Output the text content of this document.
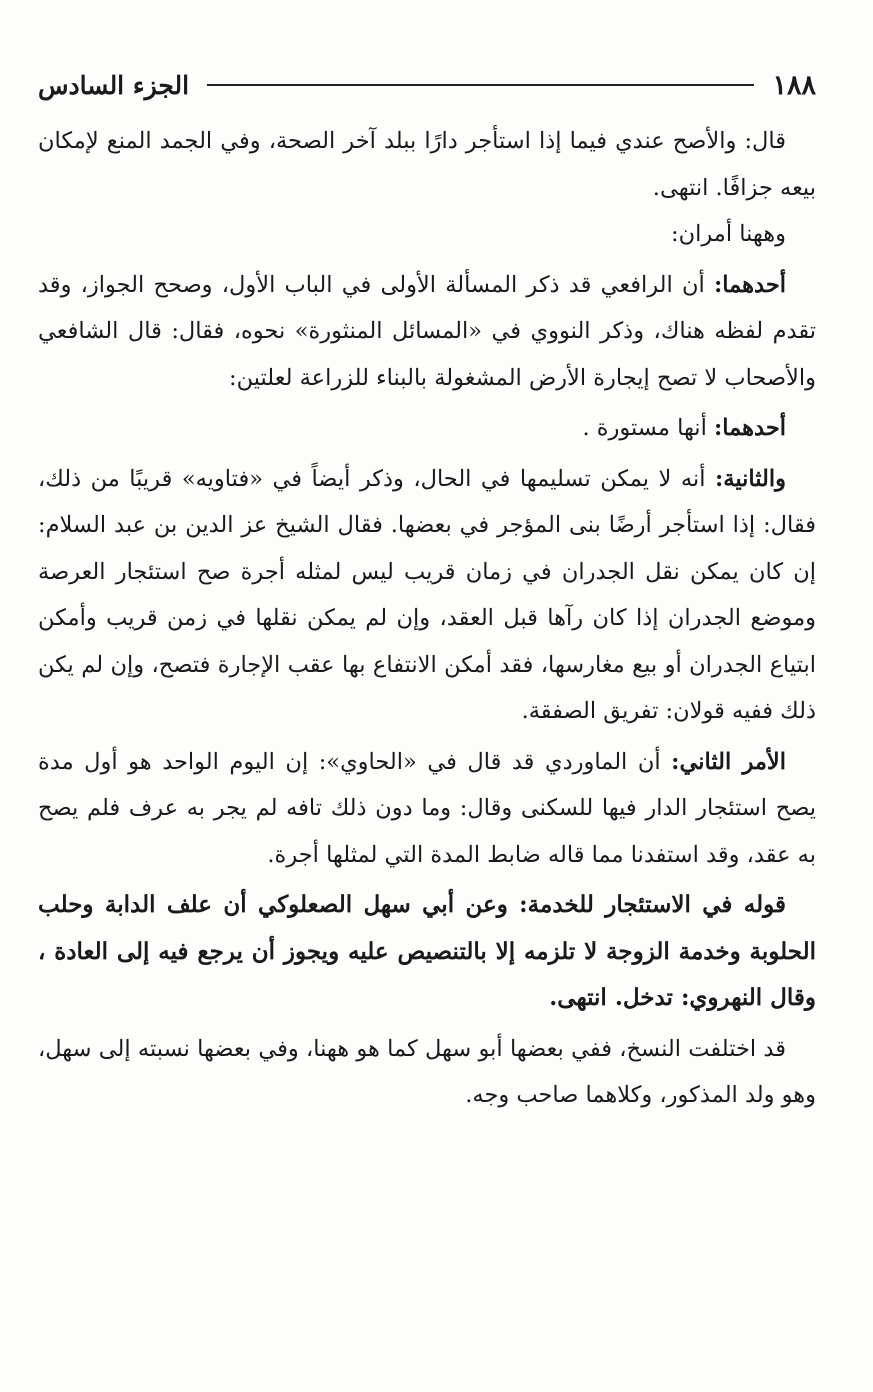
١٨٨
الجزء السادس

قال: والأصح عندي فيما إذا استأجر دارًا ببلد آخر الصحة، وفي الجمد المنع لإمكان بيعه جزافًا. انتهى.

وههنا أمران:

أحدهما: أن الرافعي قد ذكر المسألة الأولى في الباب الأول، وصحح الجواز، وقد تقدم لفظه هناك، وذكر النووي في «المسائل المنثورة» نحوه، فقال: قال الشافعي والأصحاب لا تصح إيجارة الأرض المشغولة بالبناء للزراعة لعلتين:

أحدهما: أنها مستورة .

والثانية: أنه لا يمكن تسليمها في الحال، وذكر أيضاً في «فتاويه» قريبًا من ذلك، فقال: إذا استأجر أرضًا بنى المؤجر في بعضها. فقال الشيخ عز الدين بن عبد السلام: إن كان يمكن نقل الجدران في زمان قريب ليس لمثله أجرة صح استئجار العرصة وموضع الجدران إذا كان رآها قبل العقد، وإن لم يمكن نقلها في زمن قريب وأمكن ابتياع الجدران أو بيع مغارسها، فقد أمكن الانتفاع بها عقب الإجارة فتصح، وإن لم يكن ذلك ففيه قولان: تفريق الصفقة.

الأمر الثاني: أن الماوردي قد قال في «الحاوي»: إن اليوم الواحد هو أول مدة يصح استئجار الدار فيها للسكنى وقال: وما دون ذلك تافه لم يجر به عرف فلم يصح به عقد، وقد استفدنا مما قاله ضابط المدة التي لمثلها أجرة.

قوله في الاستئجار للخدمة: وعن أبي سهل الصعلوكي أن علف الدابة وحلب الحلوبة وخدمة الزوجة لا تلزمه إلا بالتنصيص عليه ويجوز أن يرجع فيه إلى العادة ، وقال النهروي: تدخل. انتهى.

قد اختلفت النسخ، ففي بعضها أبو سهل كما هو ههنا، وفي بعضها نسبته إلى سهل، وهو ولد المذكور، وكلاهما صاحب وجه.
